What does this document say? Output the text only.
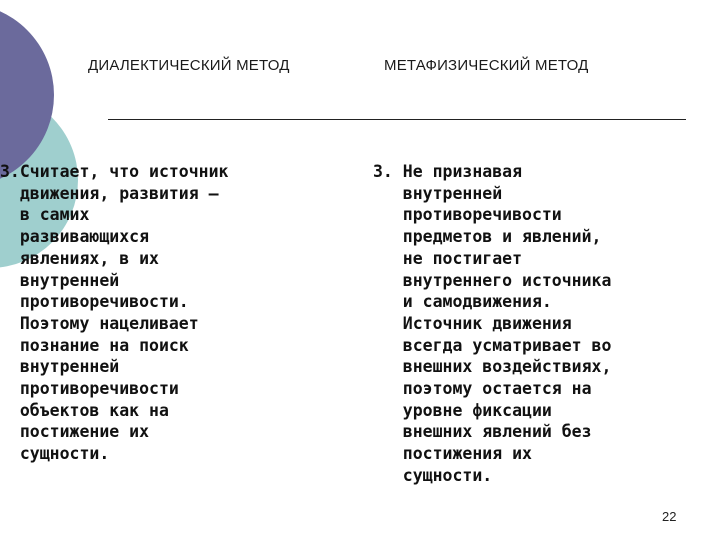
ДИАЛЕКТИЧЕСКИЙ МЕТОД	МЕТАФИЗИЧЕСКИЙ МЕТОД
3.Считает, что источник
движения, развития –
в самих
развивающихся
явлениях, в их
внутренней
противоречивости.
Поэтому нацеливает
познание на поиск
внутренней
противоречивости
объектов как на
постижение их
сущности.
3. Не признавая
внутренней
противоречивости
предметов и явлений,
не постигает
внутреннего источника
и самодвижения.
Источник движения
всегда усматривает во
внешних воздействиях,
поэтому остается на
уровне фиксации
внешних явлений без
постижения их
сущности.
22
